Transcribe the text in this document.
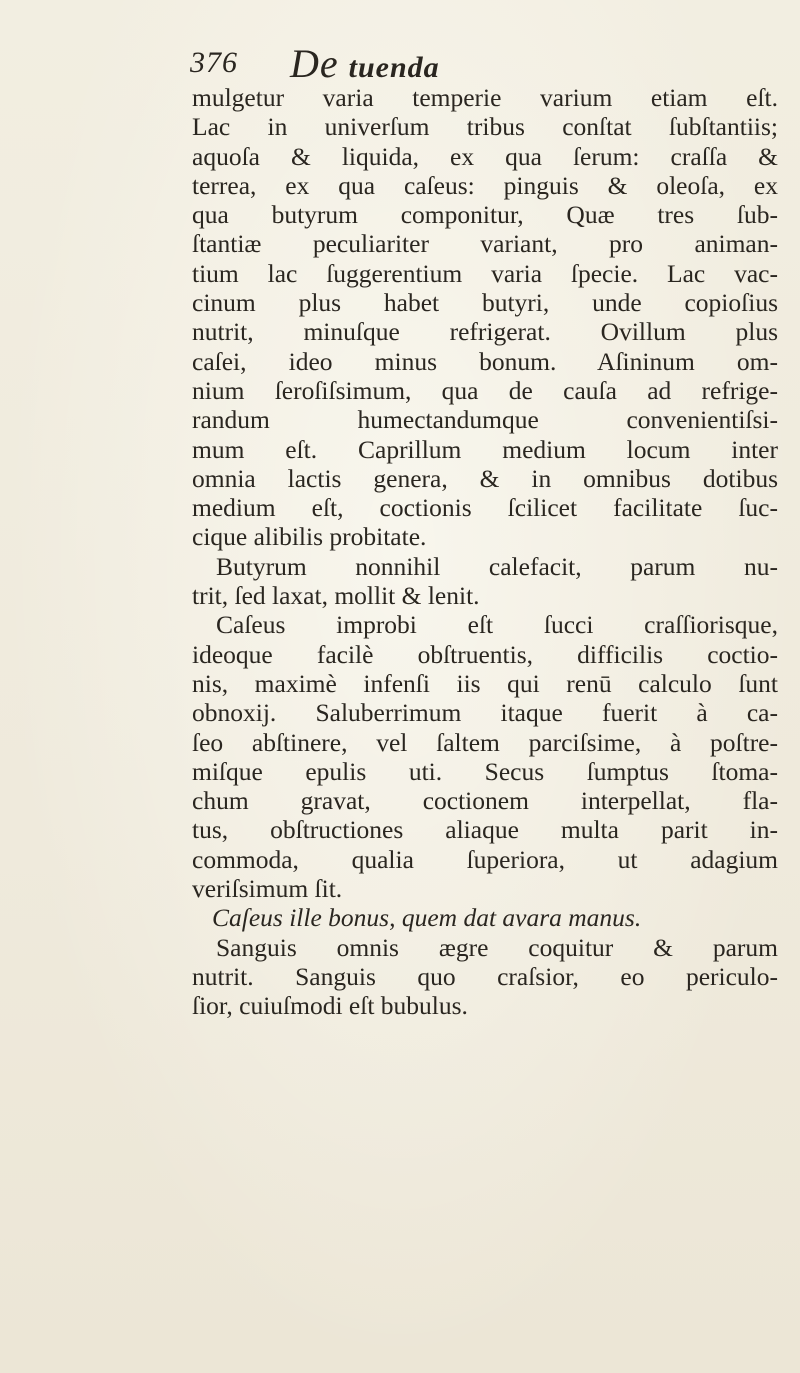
376 De tuenda
mulgetur varia temperie varium etiam eſt.
Lac in univerſum tribus conſtat ſubſtantiis;
aquoſa & liquida, ex qua ſerum: craſſa &
terrea, ex qua caſeus: pinguis & oleoſa, ex
qua butyrum componitur, Quæ tres ſub-
ſtantiæ peculiariter variant, pro animan-
tium lac ſuggerentium varia ſpecie. Lac vac-
cinum plus habet butyri, unde copioſius
nutrit, minuſque refrigerat. Ovillum plus
caſei, ideo minus bonum. Aſininum om-
nium ſeroſiſsimum, qua de cauſa ad refrige-
randum humectandumque convenientiſsi-
mum eſt. Caprillum medium locum inter
omnia lactis genera, & in omnibus dotibus
medium eſt, coctionis ſcilicet facilitate ſuc-
cique alibilis probitate.
Butyrum nonnihil calefacit, parum nu-
trit, ſed laxat, mollit & lenit.
Caſeus improbi eſt ſucci craſſiorisque,
ideoque facilè obſtruentis, difficilis coctio-
nis, maximè infenſi iis qui renū calculo ſunt
obnoxij. Saluberrimum itaque fuerit à ca-
ſeo abſtinere, vel ſaltem parciſsime, à poſtre-
miſque epulis uti. Secus ſumptus ſtoma-
chum gravat, coctionem interpellat, fla-
tus, obſtructiones aliaque multa parit in-
commoda, qualia ſuperiora, ut adagium
veriſsimum ſit.
Caſeus ille bonus, quem dat avara manus.
Sanguis omnis ægre coquitur & parum
nutrit. Sanguis quo craſsior, eo periculo-
ſior, cuiuſmodi eſt bubulus.
